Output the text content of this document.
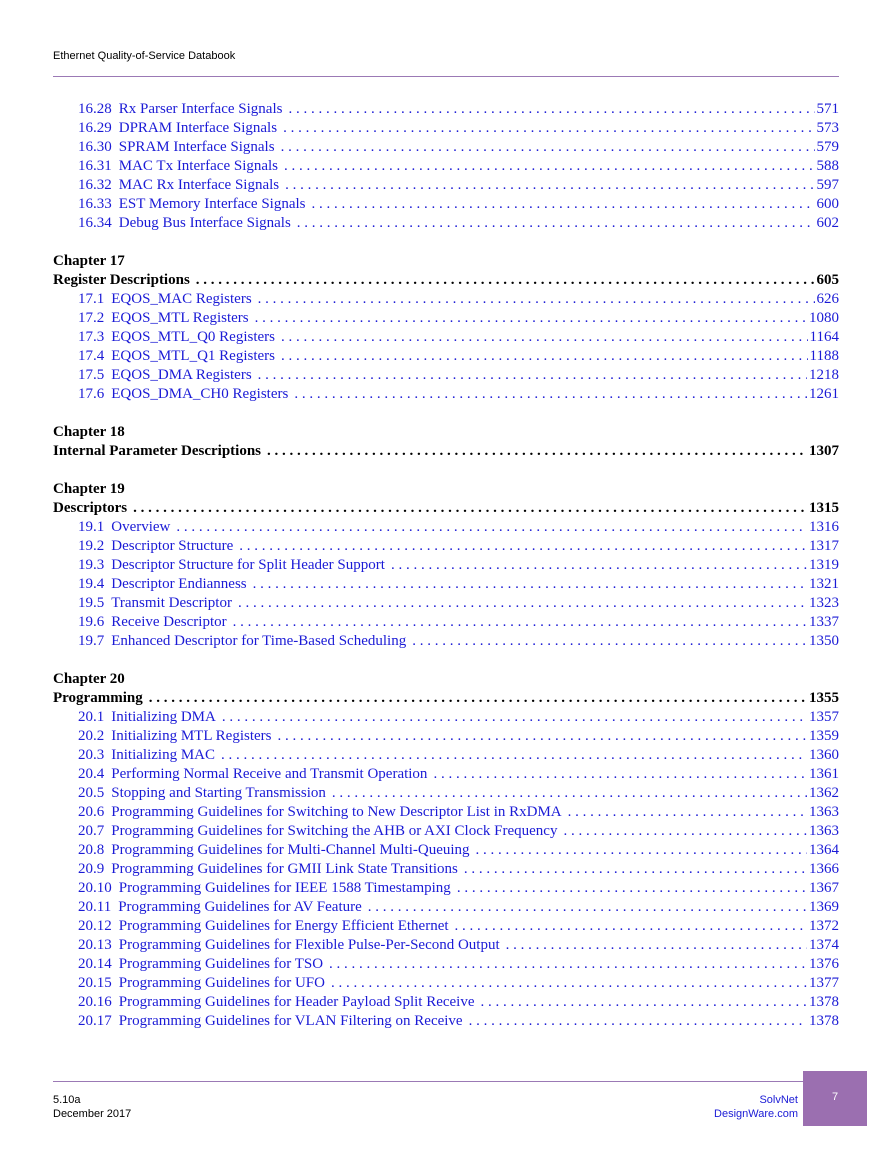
Ethernet Quality-of-Service Databook
16.28 Rx Parser Interface Signals . . .	571
16.29 DPRAM Interface Signals . . .	573
16.30 SPRAM Interface Signals . . .	579
16.31 MAC Tx Interface Signals . . .	588
16.32 MAC Rx Interface Signals . . .	597
16.33 EST Memory Interface Signals . . .	600
16.34 Debug Bus Interface Signals . . .	602
Chapter 17
Register Descriptions . . .	605
17.1 EQOS_MAC Registers . . .	626
17.2 EQOS_MTL Registers . . .	1080
17.3 EQOS_MTL_Q0 Registers . . .	1164
17.4 EQOS_MTL_Q1 Registers . . .	1188
17.5 EQOS_DMA Registers . . .	1218
17.6 EQOS_DMA_CH0 Registers . . .	1261
Chapter 18
Internal Parameter Descriptions . . .	1307
Chapter 19
Descriptors . . .	1315
19.1 Overview . . .	1316
19.2 Descriptor Structure . . .	1317
19.3 Descriptor Structure for Split Header Support . . .	1319
19.4 Descriptor Endianness . . .	1321
19.5 Transmit Descriptor . . .	1323
19.6 Receive Descriptor . . .	1337
19.7 Enhanced Descriptor for Time-Based Scheduling . . .	1350
Chapter 20
Programming . . .	1355
20.1 Initializing DMA . . .	1357
20.2 Initializing MTL Registers . . .	1359
20.3 Initializing MAC . . .	1360
20.4 Performing Normal Receive and Transmit Operation . . .	1361
20.5 Stopping and Starting Transmission . . .	1362
20.6 Programming Guidelines for Switching to New Descriptor List in RxDMA . . .	1363
20.7 Programming Guidelines for Switching the AHB or AXI Clock Frequency . . .	1363
20.8 Programming Guidelines for Multi-Channel Multi-Queuing . . .	1364
20.9 Programming Guidelines for GMII Link State Transitions . . .	1366
20.10 Programming Guidelines for IEEE 1588 Timestamping . . .	1367
20.11 Programming Guidelines for AV Feature . . .	1369
20.12 Programming Guidelines for Energy Efficient Ethernet . . .	1372
20.13 Programming Guidelines for Flexible Pulse-Per-Second Output . . .	1374
20.14 Programming Guidelines for TSO . . .	1376
20.15 Programming Guidelines for UFO . . .	1377
20.16 Programming Guidelines for Header Payload Split Receive . . .	1378
20.17 Programming Guidelines for VLAN Filtering on Receive . . .	1378
5.10a
December 2017
SolvNet
DesignWare.com
7
